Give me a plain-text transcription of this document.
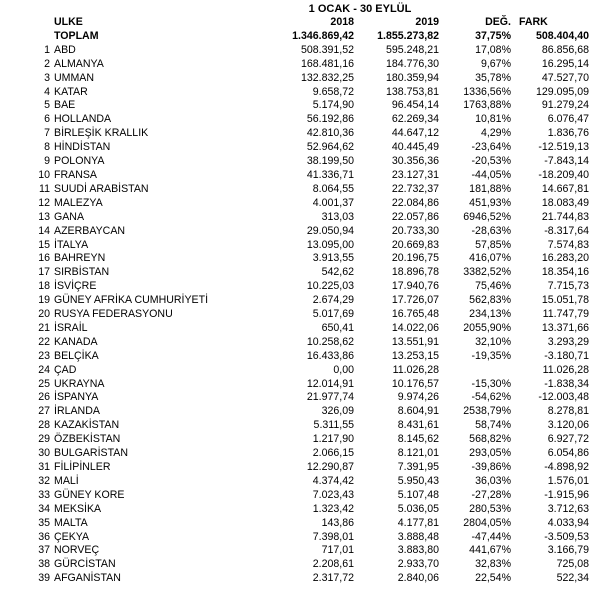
1 OCAK - 30 EYLÜL
	ULKE	2018	2019	DEĞ.	FARK
	TOPLAM	1.346.869,42	1.855.273,82	37,75%	508.404,40
1	ABD	508.391,52	595.248,21	17,08%	86.856,68
2	ALMANYA	168.481,16	184.776,30	9,67%	16.295,14
3	UMMAN	132.832,25	180.359,94	35,78%	47.527,70
4	KATAR	9.658,72	138.753,81	1336,56%	129.095,09
5	BAE	5.174,90	96.454,14	1763,88%	91.279,24
6	HOLLANDA	56.192,86	62.269,34	10,81%	6.076,47
7	BİRLEŞİK KRALLIK	42.810,36	44.647,12	4,29%	1.836,76
8	HİNDİSTAN	52.964,62	40.445,49	-23,64%	-12.519,13
9	POLONYA	38.199,50	30.356,36	-20,53%	-7.843,14
10	FRANSA	41.336,71	23.127,31	-44,05%	-18.209,40
11	SUUDİ ARABİSTAN	8.064,55	22.732,37	181,88%	14.667,81
12	MALEZYA	4.001,37	22.084,86	451,93%	18.083,49
13	GANA	313,03	22.057,86	6946,52%	21.744,83
14	AZERBAYCAN	29.050,94	20.733,30	-28,63%	-8.317,64
15	İTALYA	13.095,00	20.669,83	57,85%	7.574,83
16	BAHREYN	3.913,55	20.196,75	416,07%	16.283,20
17	SIRBİSTAN	542,62	18.896,78	3382,52%	18.354,16
18	İSVİÇRE	10.225,03	17.940,76	75,46%	7.715,73
19	GÜNEY AFRİKA CUMHURİYETİ	2.674,29	17.726,07	562,83%	15.051,78
20	RUSYA FEDERASYONU	5.017,69	16.765,48	234,13%	11.747,79
21	İSRAİL	650,41	14.022,06	2055,90%	13.371,66
22	KANADA	10.258,62	13.551,91	32,10%	3.293,29
23	BELÇİKA	16.433,86	13.253,15	-19,35%	-3.180,71
24	ÇAD	0,00	11.026,28		11.026,28
25	UKRAYNA	12.014,91	10.176,57	-15,30%	-1.838,34
26	İSPANYA	21.977,74	9.974,26	-54,62%	-12.003,48
27	İRLANDA	326,09	8.604,91	2538,79%	8.278,81
28	KAZAKİSTAN	5.311,55	8.431,61	58,74%	3.120,06
29	ÖZBEKİSTAN	1.217,90	8.145,62	568,82%	6.927,72
30	BULGARİSTAN	2.066,15	8.121,01	293,05%	6.054,86
31	FİLİPİNLER	12.290,87	7.391,95	-39,86%	-4.898,92
32	MALİ	4.374,42	5.950,43	36,03%	1.576,01
33	GÜNEY KORE	7.023,43	5.107,48	-27,28%	-1.915,96
34	MEKSİKA	1.323,42	5.036,05	280,53%	3.712,63
35	MALTA	143,86	4.177,81	2804,05%	4.033,94
36	ÇEKYA	7.398,01	3.888,48	-47,44%	-3.509,53
37	NORVEÇ	717,01	3.883,80	441,67%	3.166,79
38	GÜRCİSTAN	2.208,61	2.933,70	32,83%	725,08
39	AFGANİSTAN	2.317,72	2.840,06	22,54%	522,34
